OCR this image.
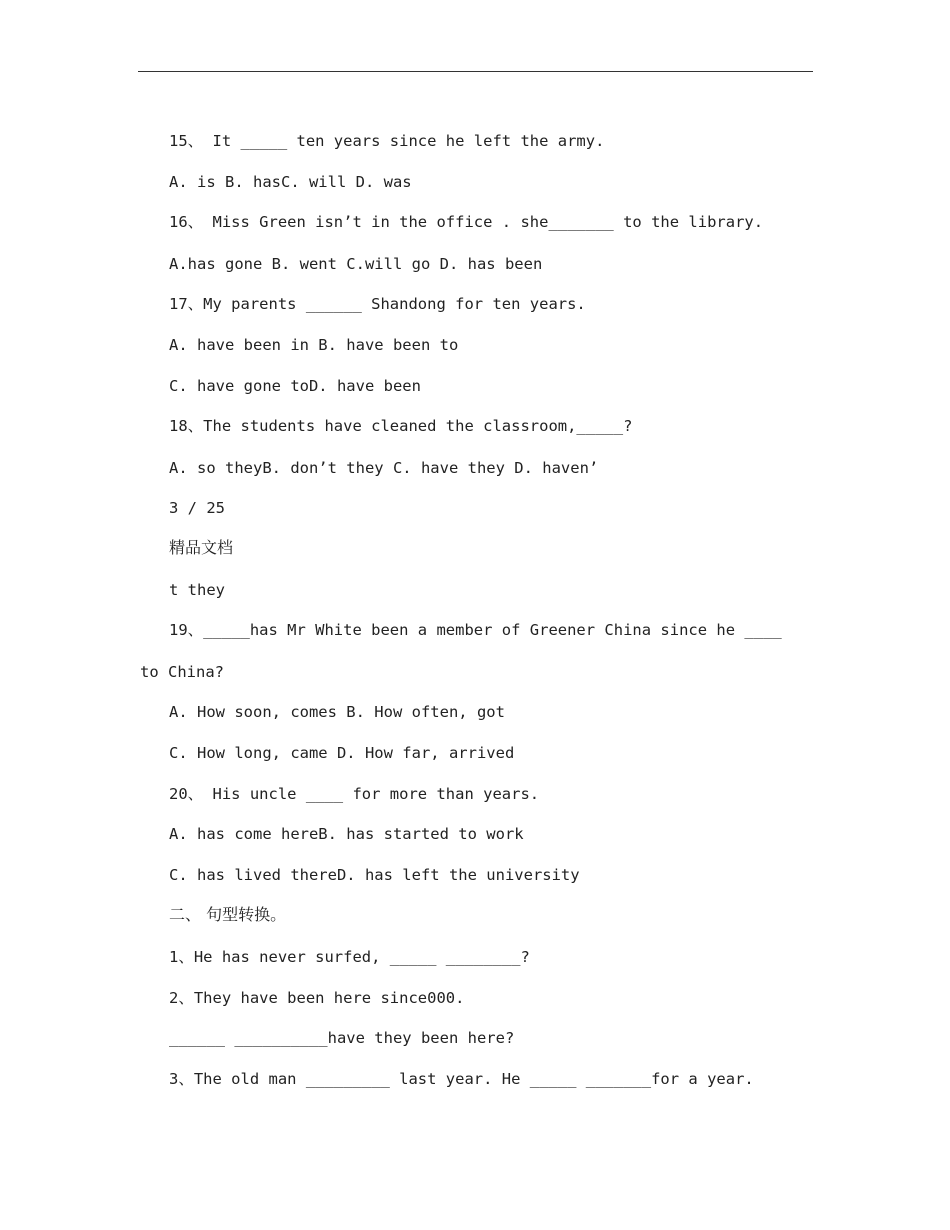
15、 It _____ ten years since he left the army.
A. is B. hasC. will D. was
16、 Miss Green isn’t in the office . she_______ to the library.
A.has gone B. went C.will go D. has been
17、My parents ______ Shandong for ten years.
A. have been in B. have been to
C. have gone toD. have been
18、The students have cleaned the classroom,_____?
A. so theyB. don’t they C. have they D. haven’
3 / 25
精品文档
t they
19、_____has Mr White been a member of Greener China since he ____
to China?
A. How soon, comes B. How often, got
C. How long, came D. How far, arrived
20、 His uncle ____ for more than years.
A. has come hereB. has started to work
C. has lived thereD. has left the university
二、 句型转换。
1、He has never surfed, _____ ________?
2、They have been here since000.
______ __________have they been here?
3、The old man _________ last year. He _____ _______for a year.
